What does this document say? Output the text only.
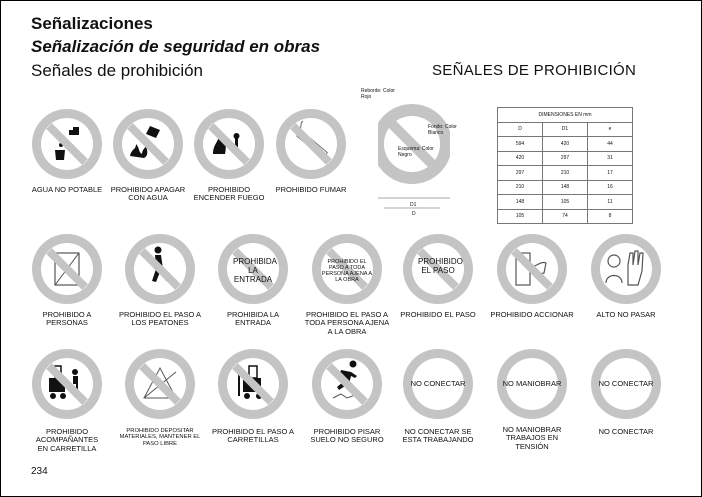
Señalizaciones
Señalización de seguridad en obras
Señales de prohibición	SEÑALES DE PROHIBICIÓN
Reborde: Color Rojo
Fondo: Color Blanco
Esquema: Color Negro
D1
D
DIMENSIONES EN mm		
D	D1	e
594	420	44
420	297	31
297	210	17
210	148	16
148	105	11
105	74	8
AGUA NO POTABLE	PROHIBIDO APAGAR CON AGUA
PROHIBIDO ENCENDER FUEGO
PROHIBIDO FUMAR
PROHIBIDA LA ENTRADA
PROHIBIDO EL PASO A TODA PERSONA AJENA A LA OBRA
PROHIBIDO EL PASO
PROHIBIDO A PERSONAS
PROHIBIDO EL PASO A LOS PEATONES
PROHIBIDA LA ENTRADA
PROHIBIDO EL PASO A TODA PERSONA AJENA A LA OBRA
PROHIBIDO EL PASO	PROHIBIDO ACCIONAR	ALTO NO PASAR
NO CONECTAR	NO MANIOBRAR	NO CONECTAR
PROHIBIDO ACOMPAÑANTES EN CARRETILLA
PROHIBIDO DEPOSITAR MATERIALES, MANTENER EL PASO LIBRE
PROHIBIDO EL PASO A CARRETILLAS
PROHIBIDO PISAR SUELO NO SEGURO
NO CONECTAR SE ESTA TRABAJANDO
NO MANIOBRAR TRABAJOS EN TENSIÓN
NO CONECTAR
234
